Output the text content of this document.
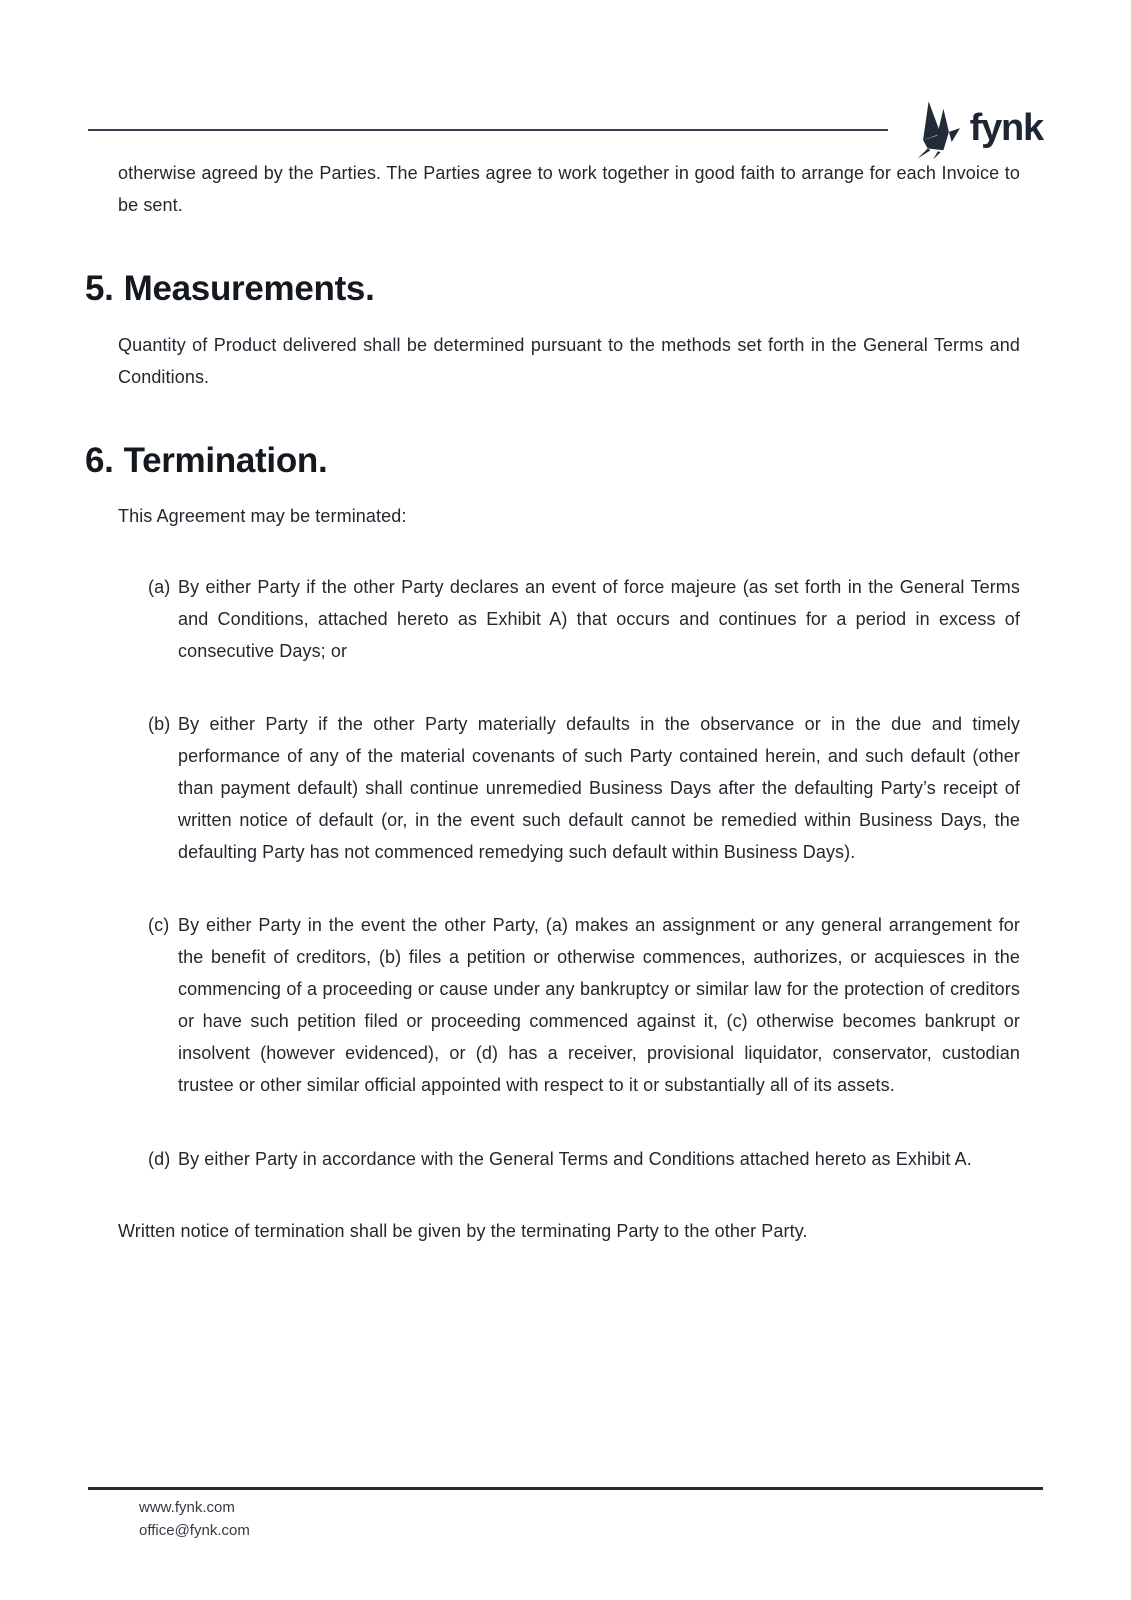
fynk

otherwise agreed by the Parties. The Parties agree to work together in good faith to arrange for each Invoice to be sent.

5. Measurements.

Quantity of Product delivered shall be determined pursuant to the methods set forth in the General Terms and Conditions.

6. Termination.

This Agreement may be terminated:

(a) By either Party if the other Party declares an event of force majeure (as set forth in the General Terms and Conditions, attached hereto as Exhibit A) that occurs and continues for a period in excess of consecutive Days; or
(b) By either Party if the other Party materially defaults in the observance or in the due and timely performance of any of the material covenants of such Party contained herein, and such default (other than payment default) shall continue unremedied Business Days after the defaulting Party’s receipt of written notice of default (or, in the event such default cannot be remedied within Business Days, the defaulting Party has not commenced remedying such default within Business Days).
(c) By either Party in the event the other Party, (a) makes an assignment or any general arrangement for the benefit of creditors, (b) files a petition or otherwise commences, authorizes, or acquiesces in the commencing of a proceeding or cause under any bankruptcy or similar law for the protection of creditors or have such petition filed or proceeding commenced against it, (c) otherwise becomes bankrupt or insolvent (however evidenced), or (d) has a receiver, provisional liquidator, conservator, custodian trustee or other similar official appointed with respect to it or substantially all of its assets.
(d) By either Party in accordance with the General Terms and Conditions attached hereto as Exhibit A.

Written notice of termination shall be given by the terminating Party to the other Party.

www.fynk.com
office@fynk.com
